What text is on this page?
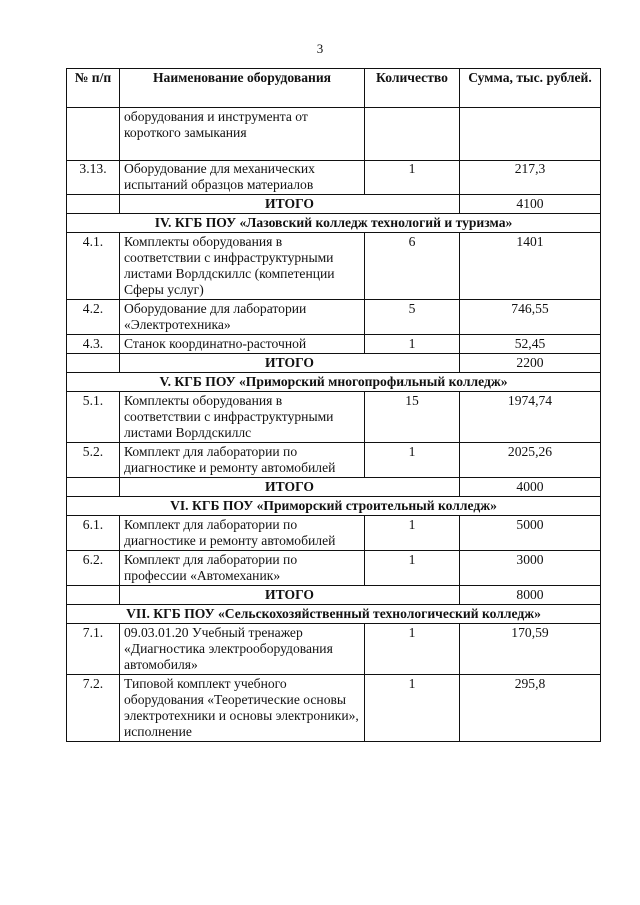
3
№ п/п	Наименование оборудования	Количество	Сумма, тыс. рублей.
	оборудования и инструмента от короткого замыкания		
3.13.	Оборудование для механических испытаний образцов материалов	1	217,3
	ИТОГО		4100
IV. КГБ ПОУ «Лазовский колледж технологий и туризма»			
4.1.	Комплекты оборудования в соответствии с инфраструктурными листами Ворлдскиллс (компетенции Сферы услуг)	6	1401
4.2.	Оборудование для лаборатории «Электротехника»	5	746,55
4.3.	Станок координатно-расточной	1	52,45
	ИТОГО		2200
V. КГБ ПОУ «Приморский многопрофильный колледж»			
5.1.	Комплекты оборудования в соответствии с инфраструктурными листами Ворлдскиллс	15	1974,74
5.2.	Комплект для лаборатории по диагностике и ремонту автомобилей	1	2025,26
	ИТОГО		4000
VI. КГБ ПОУ «Приморский строительный колледж»			
6.1.	Комплект для лаборатории по диагностике и ремонту автомобилей	1	5000
6.2.	Комплект для лаборатории по профессии «Автомеханик»	1	3000
	ИТОГО		8000
VII. КГБ ПОУ «Сельскохозяйственный технологический колледж»			
7.1.	09.03.01.20 Учебный тренажер «Диагностика электрооборудования автомобиля»	1	170,59
7.2.	Типовой комплект учебного оборудования «Теоретические основы электротехники и основы электроники», исполнение	1	295,8
